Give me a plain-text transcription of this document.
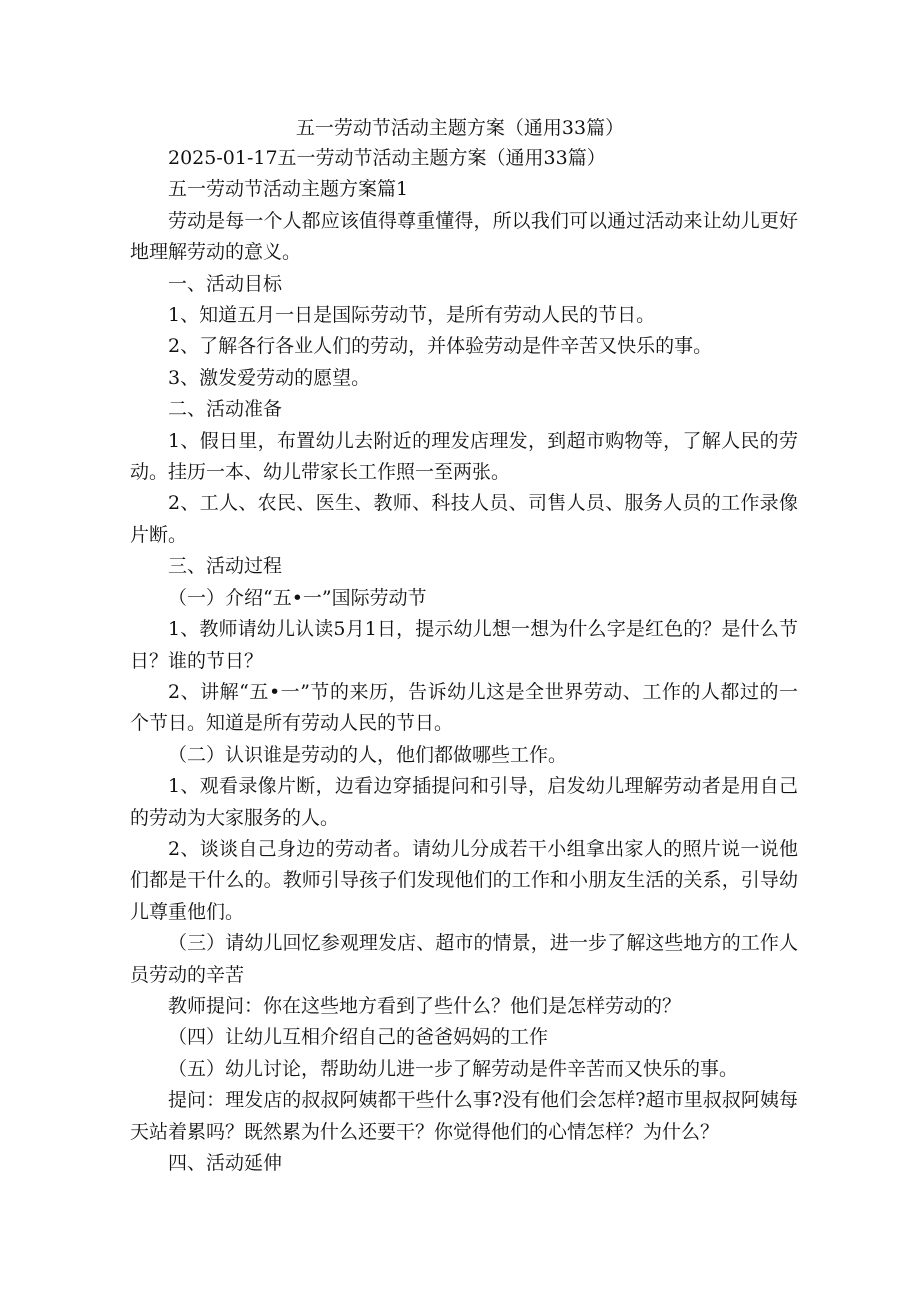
五一劳动节活动主题方案（通用33篇）

2025-01-17五一劳动节活动主题方案（通用33篇）

五一劳动节活动主题方案篇1

劳动是每一个人都应该值得尊重懂得，所以我们可以通过活动来让幼儿更好地理解劳动的意义。

一、活动目标

1、知道五月一日是国际劳动节，是所有劳动人民的节日。

2、了解各行各业人们的劳动，并体验劳动是件辛苦又快乐的事。

3、激发爱劳动的愿望。

二、活动准备

1、假日里，布置幼儿去附近的理发店理发，到超市购物等，了解人民的劳动。挂历一本、幼儿带家长工作照一至两张。

2、工人、农民、医生、教师、科技人员、司售人员、服务人员的工作录像片断。

三、活动过程

（一）介绍“五•一”国际劳动节

1、教师请幼儿认读5月1日，提示幼儿想一想为什么字是红色的？是什么节日？谁的节日？

2、讲解“五•一”节的来历，告诉幼儿这是全世界劳动、工作的人都过的一个节日。知道是所有劳动人民的节日。

（二）认识谁是劳动的人，他们都做哪些工作。

1、观看录像片断，边看边穿插提问和引导，启发幼儿理解劳动者是用自己的劳动为大家服务的人。

2、谈谈自己身边的劳动者。请幼儿分成若干小组拿出家人的照片说一说他们都是干什么的。教师引导孩子们发现他们的工作和小朋友生活的关系，引导幼儿尊重他们。

（三）请幼儿回忆参观理发店、超市的情景，进一步了解这些地方的工作人员劳动的辛苦

教师提问：你在这些地方看到了些什么？他们是怎样劳动的？

（四）让幼儿互相介绍自己的爸爸妈妈的工作

（五）幼儿讨论，帮助幼儿进一步了解劳动是件辛苦而又快乐的事。

提问：理发店的叔叔阿姨都干些什么事?没有他们会怎样?超市里叔叔阿姨每天站着累吗？既然累为什么还要干？你觉得他们的心情怎样？为什么？

四、活动延伸
